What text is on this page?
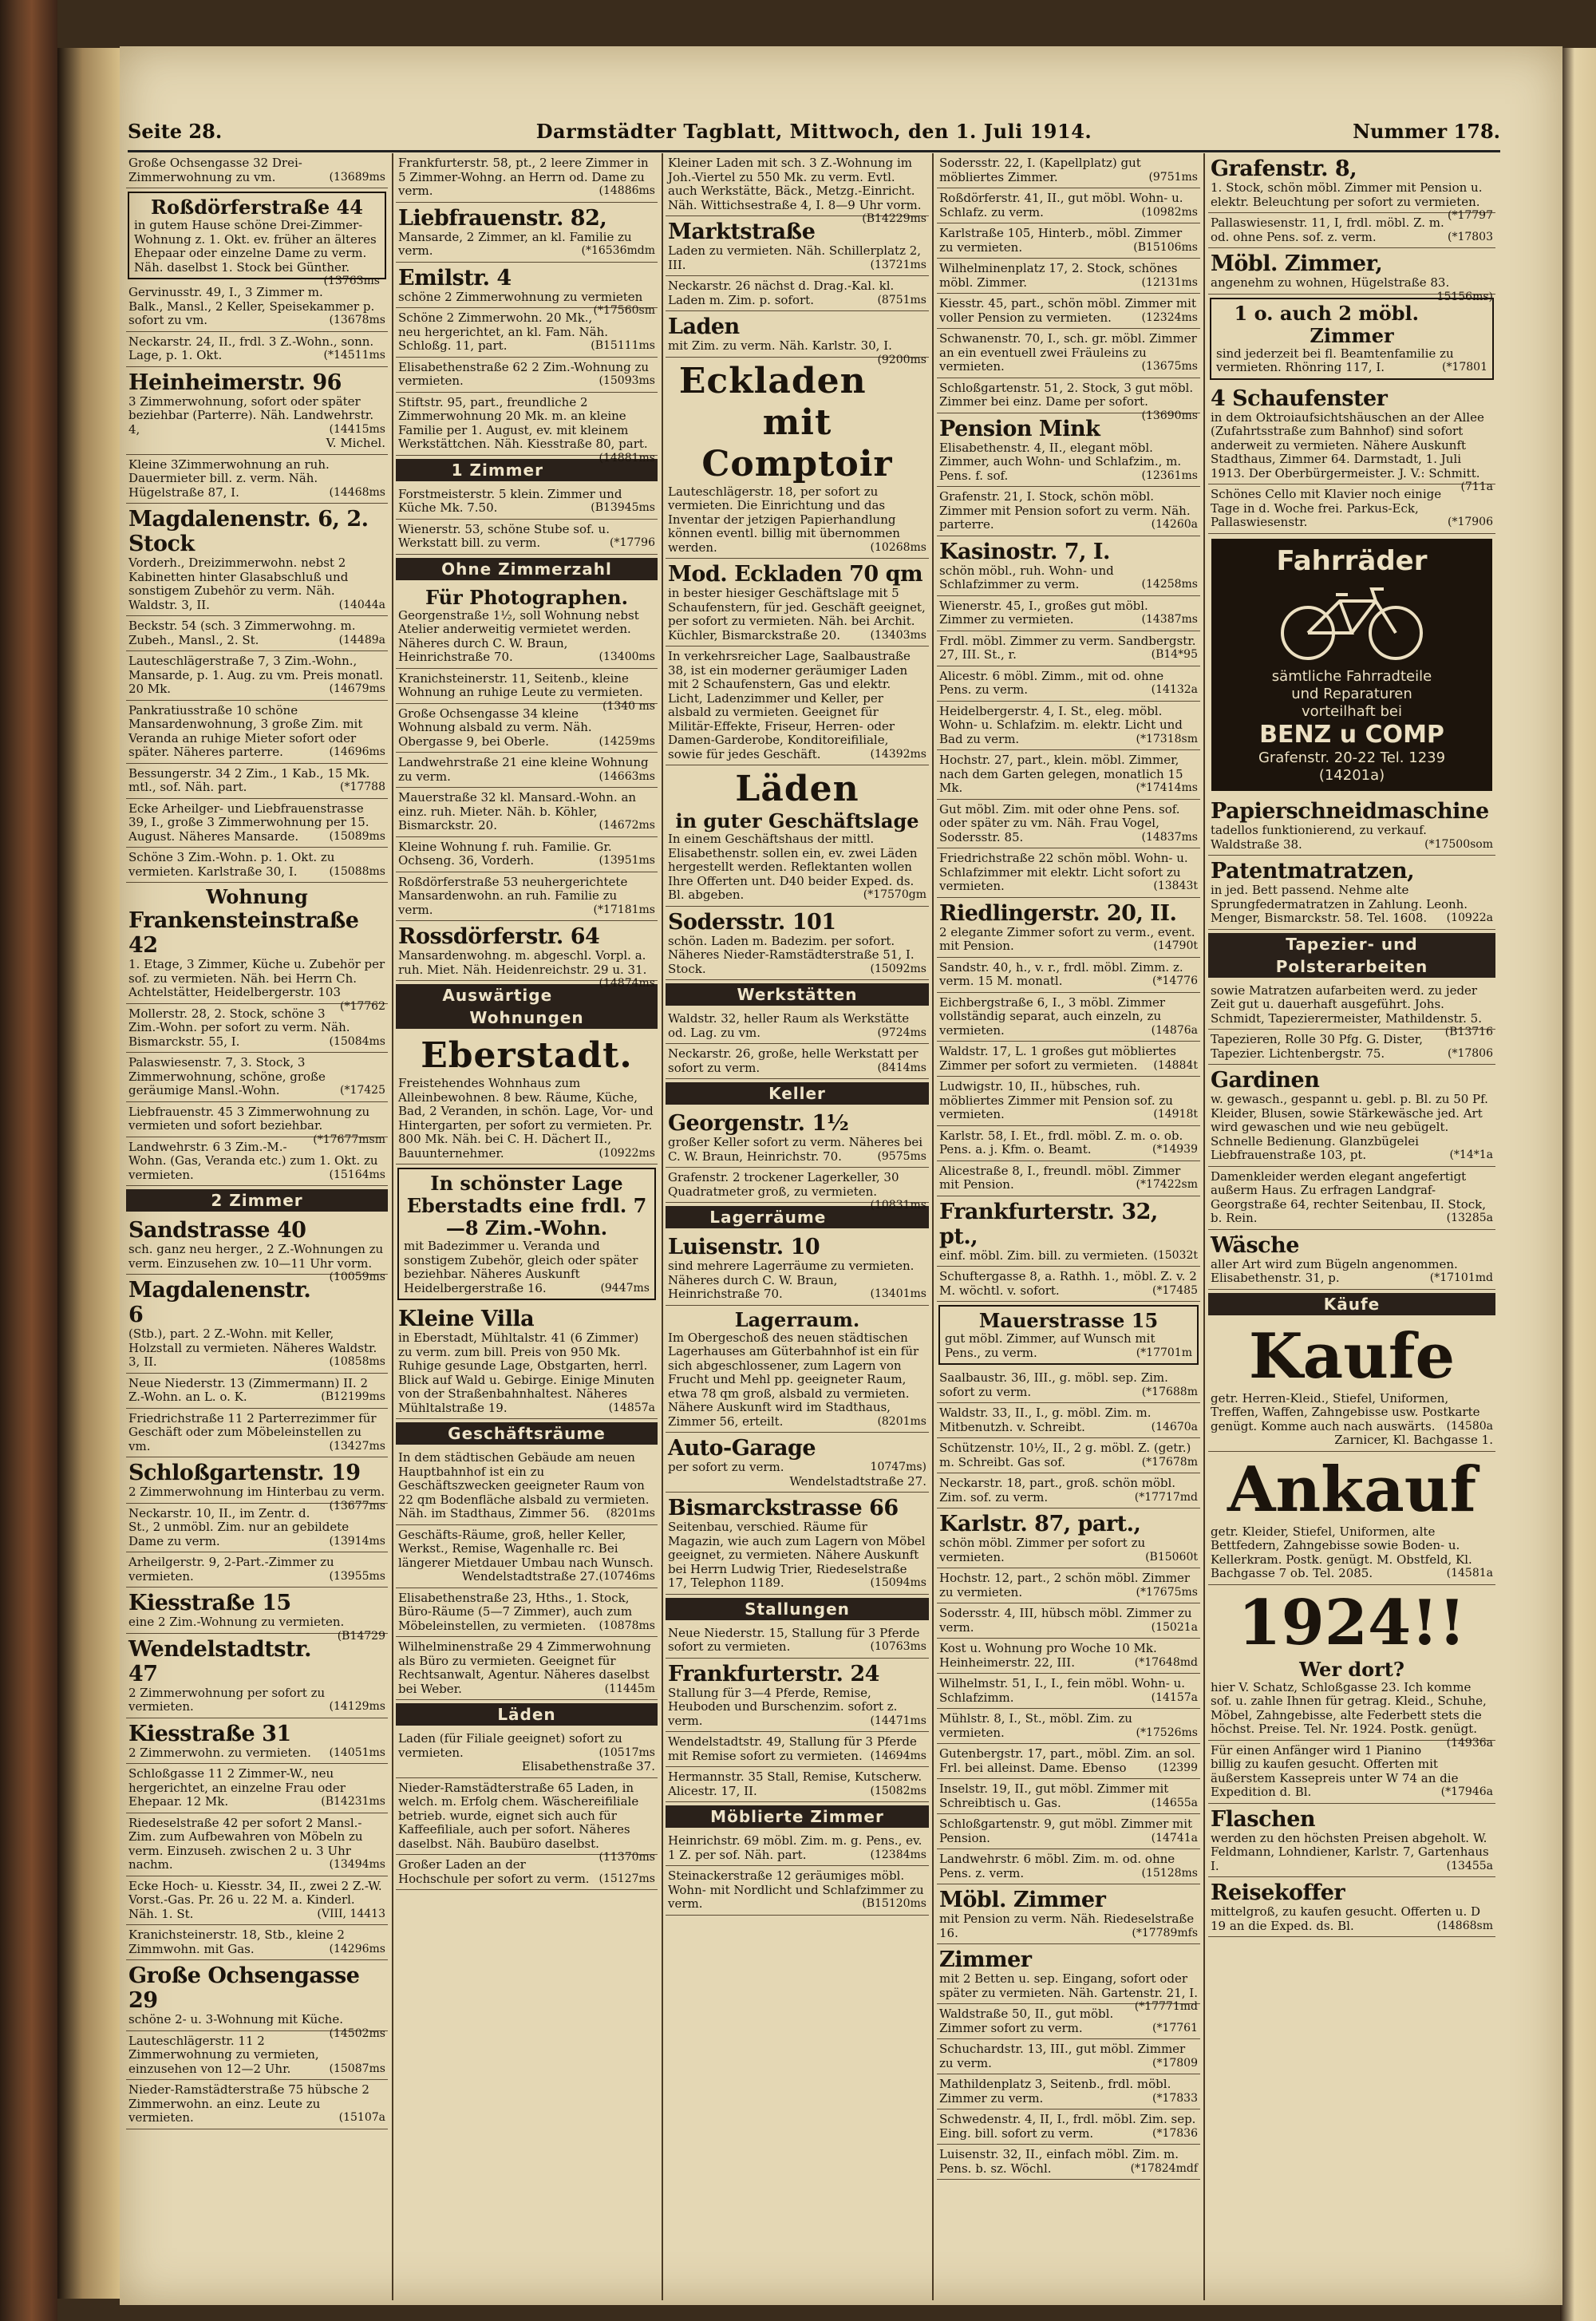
Seite 28.	Darmstädter Tagblatt, Mittwoch, den 1. Juli 1914.	Nummer 178.
Große Ochsengasse 32 Drei-Zimmerwohnung zu vm.	(13689ms
Roßdörferstraße 44
in gutem Hause schöne Drei-Zimmer-Wohnung z. 1. Okt. ev. früher an älteres Ehepaar oder einzelne Dame zu verm. Näh. daselbst 1. Stock bei Günther.
(13763ms
Gervinusstr. 49, I., 3 Zimmer m. Balk., Mansl., 2 Keller, Speisekammer p. sofort zu vm.	(13678ms
Neckarstr. 24, II., frdl. 3 Z.-Wohn., sonn. Lage, p. 1. Okt.	(*14511ms
Heinheimerstr. 96
3 Zimmerwohnung, sofort oder später beziehbar (Parterre). Näh. Landwehrstr. 4,	(14415ms
V. Michel.
Kleine 3Zimmerwohnung an ruh. Dauermieter bill. z. verm. Näh. Hügelstraße 87, I.	(14468ms
Magdalenenstr. 6, 2. Stock
Vorderh., Dreizimmerwohn. nebst 2 Kabinetten hinter Glasabschluß und sonstigem Zubehör zu verm. Näh. Waldstr. 3, II.	(14044a
Beckstr. 54 (sch. 3 Zimmerwohng. m. Zubeh., Mansl., 2. St.	(14489a
Lauteschlägerstraße 7, 3 Zim.-Wohn., Mansarde, p. 1. Aug. zu vm. Preis monatl. 20 Mk.	(14679ms
Pankratiusstraße 10 schöne Mansardenwohnung, 3 große Zim. mit Veranda an ruhige Mieter sofort oder später. Näheres parterre.	(14696ms
Bessungerstr. 34 2 Zim., 1 Kab., 15 Mk. mtl., sof. Näh. part.	(*17788
Ecke Arheilger- und Liebfrauenstrasse 39, I., große 3 Zimmerwohnung per 15. August. Näheres Mansarde.	(15089ms
Schöne 3 Zim.-Wohn. p. 1. Okt. zu vermieten. Karlstraße 30, I.	(15088ms
Wohnung
Frankensteinstraße 42
1. Etage, 3 Zimmer, Küche u. Zubehör per sof. zu vermieten. Näh. bei Herrn Ch. Achtelstätter, Heidelbergerstr. 103
(*17762
Mollerstr. 28, 2. Stock, schöne 3 Zim.-Wohn. per sofort zu verm. Näh. Bismarckstr. 55, I.	(15084ms
Palaswiesenstr. 7, 3. Stock, 3 Zimmerwohnung, schöne, große geräumige Mansl.-Wohn.	(*17425
Liebfrauenstr. 45 3 Zimmerwohnung zu vermieten und sofort beziehbar.
(*17677msm
Landwehrstr. 6 3 Zim.-M.-Wohn. (Gas, Veranda etc.) zum 1. Okt. zu vermieten.	(15164ms
2 Zimmer
Sandstrasse 40
sch. ganz neu herger., 2 Z.-Wohnungen zu verm. Einzusehen zw. 10—11 Uhr vorm.
(10059ms
Magdalenenstr. 6
(Stb.), part. 2 Z.-Wohn. mit Keller, Holzstall zu vermieten. Näheres Waldstr. 3, II.	(10858ms
Neue Niederstr. 13 (Zimmermann) II. 2 Z.-Wohn. an L. o. K.	(B12199ms
Friedrichstraße 11 2 Parterrezimmer für Geschäft oder zum Möbeleinstellen zu vm.	(13427ms
Schloßgartenstr. 19
2 Zimmerwohnung im Hinterbau zu verm.
(13677ms
Neckarstr. 10, II., im Zentr. d. St., 2 unmöbl. Zim. nur an gebildete Dame zu verm.	(13914ms
Arheilgerstr. 9, 2-Part.-Zimmer zu vermieten.	(13955ms
Kiesstraße 15
eine 2 Zim.-Wohnung zu vermieten.
(B14729
Wendelstadtstr. 47
2 Zimmerwohnung per sofort zu vermieten.	(14129ms
Kiesstraße 31
2 Zimmerwohn. zu vermieten. (14051ms
Schloßgasse 11 2 Zimmer-W., neu hergerichtet, an einzelne Frau oder Ehepaar. 12 Mk.	(B14231ms
Riedeselstraße 42 per sofort 2 Mansl.-Zim. zum Aufbewahren von Möbeln zu verm. Einzuseh. zwischen 2 u. 3 Uhr nachm.	(13494ms
Ecke Hoch- u. Kiesstr. 34, II., zwei 2 Z.-W. Vorst.-Gas. Pr. 26 u. 22 M. a. Kinderl. Näh. 1. St.	(VIII, 14413
Kranichsteinerstr. 18, Stb., kleine 2 Zimmwohn. mit Gas.	(14296ms
Große Ochsengasse 29
schöne 2- u. 3-Wohnung mit Küche.
(14502ms
Lauteschlägerstr. 11 2 Zimmerwohnung zu vermieten, einzusehen von 12—2 Uhr.	(15087ms
Nieder-Ramstädterstraße 75 hübsche 2 Zimmerwohn. an einz. Leute zu vermieten.	(15107a
Frankfurterstr. 58, pt., 2 leere Zimmer in 5 Zimmer-Wohng. an Herrn od. Dame zu verm.	(14886ms
Liebfrauenstr. 82,
Mansarde, 2 Zimmer, an kl. Familie zu verm.	(*16536mdm
Emilstr. 4
schöne 2 Zimmerwohnung zu vermieten
(*17560sm
Schöne 2 Zimmerwohn. 20 Mk., neu hergerichtet, an kl. Fam. Näh. Schloßg. 11, part.	(B15111ms
Elisabethenstraße 62 2 Zim.-Wohnung zu vermieten.	(15093ms
Stiftstr. 95, part., freundliche 2 Zimmerwohnung 20 Mk. m. an kleine Familie per 1. August, ev. mit kleinem Werkstättchen. Näh. Kiesstraße 80, part.
(14881ms
1 Zimmer
Forstmeisterstr. 5 klein. Zimmer und Küche Mk. 7.50.	(B13945ms
Wienerstr. 53, schöne Stube sof. u. Werkstatt bill. zu verm.	(*17796
Ohne Zimmerzahl
Für Photographen.
Georgenstraße 1½, soll Wohnung nebst Atelier anderweitig vermietet werden. Näheres durch C. W. Braun, Heinrichstraße 70.	(13400ms
Kranichsteinerstr. 11, Seitenb., kleine Wohnung an ruhige Leute zu vermieten.
(1340 ms
Große Ochsengasse 34 kleine Wohnung alsbald zu verm. Näh. Obergasse 9, bei Oberle.	(14259ms
Landwehrstraße 21 eine kleine Wohnung zu verm.	(14663ms
Mauerstraße 32 kl. Mansard.-Wohn. an einz. ruh. Mieter. Näh. b. Köhler, Bismarckstr. 20.	(14672ms
Kleine Wohnung f. ruh. Familie. Gr. Ochseng. 36, Vorderh.	(13951ms
Roßdörferstraße 53 neuhergerichtete Mansardenwohn. an ruh. Familie zu verm.	(*17181ms
Rossdörferstr. 64
Mansardenwohng. m. abgeschl. Vorpl. a. ruh. Miet. Näh. Heidenreichstr. 29 u. 31.
(14874ms
Auswärtige Wohnungen
Eberstadt.
Freistehendes Wohnhaus zum Alleinbewohnen. 8 bew. Räume, Küche, Bad, 2 Veranden, in schön. Lage, Vor- und Hintergarten, per sofort zu vermieten. Pr. 800 Mk. Näh. bei C. H. Dächert II., Bauunternehmer.	(10922ms
In schönster Lage Eberstadts eine frdl. 7—8 Zim.-Wohn.
mit Badezimmer u. Veranda und sonstigem Zubehör, gleich oder später beziehbar. Näheres Auskunft Heidelbergerstraße 16.	(9447ms
Kleine Villa
in Eberstadt, Mühltalstr. 41 (6 Zimmer) zu verm. zum bill. Preis von 950 Mk. Ruhige gesunde Lage, Obstgarten, herrl. Blick auf Wald u. Gebirge. Einige Minuten von der Straßenbahnhaltest. Näheres Mühltalstraße 19.	(14857a
Geschäftsräume
In dem städtischen Gebäude am neuen Hauptbahnhof ist ein zu Geschäftszwecken geeigneter Raum von 22 qm Bodenfläche alsbald zu vermieten. Näh. im Stadthaus, Zimmer 56. (8201ms
Geschäfts-Räume, groß, heller Keller, Werkst., Remise, Wagenhalle rc. Bei längerer Mietdauer Umbau nach Wunsch.
(10746ms
Wendelstadtstraße 27.
Elisabethenstraße 23, Hths., 1. Stock, Büro-Räume (5—7 Zimmer), auch zum Möbeleinstellen, zu vermieten. (10878ms
Wilhelminenstraße 29 4 Zimmerwohnung als Büro zu vermieten. Geeignet für Rechtsanwalt, Agentur. Näheres daselbst bei Weber.	(11445m
Läden
Laden (für Filiale geeignet) sofort zu vermieten.	(10517ms
Elisabethenstraße 37.
Nieder-Ramstädterstraße 65 Laden, in welch. m. Erfolg chem. Wäschereifiliale betrieb. wurde, eignet sich auch für Kaffeefiliale, auch per sofort. Näheres daselbst. Näh. Baubüro daselbst.
(11370ms
Großer Laden an der Hochschule per sofort zu verm. (15127ms
Kleiner Laden mit sch. 3 Z.-Wohnung im Joh.-Viertel zu 550 Mk. zu verm. Evtl. auch Werkstätte, Bäck., Metzg.-Einricht. Näh. Wittichsestraße 4, I. 8—9 Uhr vorm.
(B14229ms
Marktstraße
Laden zu vermieten. Näh. Schillerplatz 2, III.	(13721ms
Neckarstr. 26 nächst d. Drag.-Kal. kl. Laden m. Zim. p. sofort.	(8751ms
Laden
mit Zim. zu verm. Näh. Karlstr. 30, I.
(9200ms
Eckladen mit Comptoir
Lauteschlägerstr. 18, per sofort zu vermieten. Die Einrichtung und das Inventar der jetzigen Papierhandlung können eventl. billig mit übernommen werden.	(10268ms
Mod. Eckladen 70 qm
in bester hiesiger Geschäftslage mit 5 Schaufenstern, für jed. Geschäft geeignet, per sofort zu vermieten. Näh. bei Archit. Küchler, Bismarckstraße 20.	(13403ms
In verkehrsreicher Lage, Saalbaustraße 38, ist ein moderner geräumiger Laden mit 2 Schaufenstern, Gas und elektr. Licht, Ladenzimmer und Keller, per alsbald zu vermieten. Geeignet für Militär-Effekte, Friseur, Herren- oder Damen-Garderobe, Konditoreifiliale, sowie für jedes Geschäft.	(14392ms
Läden
in guter Geschäftslage
In einem Geschäftshaus der mittl. Elisabethenstr. sollen ein, ev. zwei Läden hergestellt werden. Reflektanten wollen Ihre Offerten unt. D40 beider Exped. ds. Bl. abgeben.	(*17570gm
Sodersstr. 101
schön. Laden m. Badezim. per sofort. Näheres Nieder-Ramstädterstraße 51, I. Stock.	(15092ms
Werkstätten
Waldstr. 32, heller Raum als Werkstätte od. Lag. zu vm.	(9724ms
Neckarstr. 26, große, helle Werkstatt per sofort zu verm.	(8414ms
Keller
Georgenstr. 1½
großer Keller sofort zu verm. Näheres bei C. W. Braun, Heinrichstr. 70.	(9575ms
Grafenstr. 2 trockener Lagerkeller, 30 Quadratmeter groß, zu vermieten.
(10831ms
Lagerräume
Luisenstr. 10
sind mehrere Lagerräume zu vermieten. Näheres durch C. W. Braun, Heinrichstraße 70.	(13401ms
Lagerraum.
Im Obergeschoß des neuen städtischen Lagerhauses am Güterbahnhof ist ein für sich abgeschlossener, zum Lagern von Frucht und Mehl pp. geeigneter Raum, etwa 78 qm groß, alsbald zu vermieten. Nähere Auskunft wird im Stadthaus, Zimmer 56, erteilt.	(8201ms
Auto-Garage
per sofort zu verm.	10747ms)
Wendelstadtstraße 27.
Bismarckstrasse 66
Seitenbau, verschied. Räume für Magazin, wie auch zum Lagern von Möbel geeignet, zu vermieten. Nähere Auskunft bei Herrn Ludwig Trier, Riedeselstraße 17, Telephon 1189.	(15094ms
Stallungen
Neue Niederstr. 15, Stallung für 3 Pferde sofort zu vermieten.	(10763ms
Frankfurterstr. 24
Stallung für 3—4 Pferde, Remise, Heuboden und Burschenzim. sofort z. verm.	(14471ms
Wendelstadtstr. 49, Stallung für 3 Pferde mit Remise sofort zu vermieten. (14694ms
Hermannstr. 35 Stall, Remise, Kutscherw. Alicestr. 17, II.	(15082ms
Möblierte Zimmer
Heinrichstr. 69 möbl. Zim. m. g. Pens., ev. 1 Z. per sof. Näh. part.	(12384ms
Steinackerstraße 12 geräumiges möbl. Wohn- mit Nordlicht und Schlafzimmer zu verm.	(B15120ms
Sodersstr. 22, I. (Kapellplatz) gut möbliertes Zimmer.	(9751ms
Roßdörferstr. 41, II., gut möbl. Wohn- u. Schlafz. zu verm.	(10982ms
Karlstraße 105, Hinterb., möbl. Zimmer zu vermieten.	(B15106ms
Wilhelminenplatz 17, 2. Stock, schönes möbl. Zimmer.	(12131ms
Kiesstr. 45, part., schön möbl. Zimmer mit voller Pension zu vermieten.	(12324ms
Schwanenstr. 70, I., sch. gr. möbl. Zimmer an ein eventuell zwei Fräuleins zu vermieten.	(13675ms
Schloßgartenstr. 51, 2. Stock, 3 gut möbl. Zimmer bei einz. Dame per sofort.
(13690ms
Pension Mink
Elisabethenstr. 4, II., elegant möbl. Zimmer, auch Wohn- und Schlafzim., m. Pens. f. sof.	(12361ms
Grafenstr. 21, I. Stock, schön möbl. Zimmer mit Pension sofort zu verm. Näh. parterre.	(14260a
Kasinostr. 7, I.
schön möbl., ruh. Wohn- und Schlafzimmer zu verm.	(14258ms
Wienerstr. 45, I., großes gut möbl. Zimmer zu vermieten.	(14387ms
Frdl. möbl. Zimmer zu verm. Sandbergstr. 27, III. St., r.	(B14*95
Alicestr. 6 möbl. Zimm., mit od. ohne Pens. zu verm.	(14132a
Heidelbergerstr. 4, I. St., eleg. möbl. Wohn- u. Schlafzim. m. elektr. Licht und Bad zu verm.	(*17318sm
Hochstr. 27, part., klein. möbl. Zimmer, nach dem Garten gelegen, monatlich 15 Mk.	(*17414ms
Gut möbl. Zim. mit oder ohne Pens. sof. oder später zu vm. Näh. Frau Vogel, Sodersstr. 85.	(14837ms
Friedrichstraße 22 schön möbl. Wohn- u. Schlafzimmer mit elektr. Licht sofort zu vermieten.	(13843t
Riedlingerstr. 20, II.
2 elegante Zimmer sofort zu verm., event. mit Pension.	(14790t
Sandstr. 40, h., v. r., frdl. möbl. Zimm. z. verm. 15 M. monatl.	(*14776
Eichbergstraße 6, I., 3 möbl. Zimmer vollständig separat, auch einzeln, zu vermieten.	(14876a
Waldstr. 17, L. 1 großes gut möbliertes Zimmer per sofort zu vermieten. (14884t
Ludwigstr. 10, II., hübsches, ruh. möbliertes Zimmer mit Pension sof. zu vermieten.	(14918t
Karlstr. 58, I. Et., frdl. möbl. Z. m. o. ob. Pens. a. j. Kfm. o. Beamt.	(*14939
Alicestraße 8, I., freundl. möbl. Zimmer mit Pension.	(*17422sm
Frankfurterstr. 32, pt.,
einf. möbl. Zim. bill. zu vermieten. (15032t
Schuftergasse 8, a. Rathh. 1., möbl. Z. v. 2 M. wöchtl. v. sofort.	(*17485
Mauerstrasse 15
gut möbl. Zimmer, auf Wunsch mit Pens., zu verm.	(*17701m
Saalbaustr. 36, III., g. möbl. sep. Zim. sofort zu verm.	(*17688m
Waldstr. 33, II., I., g. möbl. Zim. m. Mitbenutzh. v. Schreibt.	(14670a
Schützenstr. 10½, II., 2 g. möbl. Z. (getr.) m. Schreibt. Gas sof.	(*17678m
Neckarstr. 18, part., groß. schön möbl. Zim. sof. zu verm.	(*17717md
Karlstr. 87, part.,
schön möbl. Zimmer per sofort zu vermieten.	(B15060t
Hochstr. 12, part., 2 schön möbl. Zimmer zu vermieten.	(*17675ms
Sodersstr. 4, III, hübsch möbl. Zimmer zu verm.	(15021a
Kost u. Wohnung pro Woche 10 Mk. Heinheimerstr. 22, III.	(*17648md
Wilhelmstr. 51, I., I., fein möbl. Wohn- u. Schlafzimm.	(14157a
Mühlstr. 8, I., St., möbl. Zim. zu vermieten.	(*17526ms
Gutenbergstr. 17, part., möbl. Zim. an sol. Frl. bei alleinst. Dame. Ebenso	(12399
Inselstr. 19, II., gut möbl. Zimmer mit Schreibtisch u. Gas.	(14655a
Schloßgartenstr. 9, gut möbl. Zimmer mit Pension.	(14741a
Landwehrstr. 6 möbl. Zim. m. od. ohne Pens. z. verm.	(15128ms
Möbl. Zimmer
mit Pension zu verm. Näh. Riedeselstraße 16.	(*17789mfs
Zimmer
mit 2 Betten u. sep. Eingang, sofort oder später zu vermieten. Näh. Gartenstr. 21, I.
(*17771md
Waldstraße 50, II., gut möbl. Zimmer sofort zu verm.	(*17761
Schuchardstr. 13, III., gut möbl. Zimmer zu verm.	(*17809
Mathildenplatz 3, Seitenb., frdl. möbl. Zimmer zu verm.	(*17833
Schwedenstr. 4, II, I., frdl. möbl. Zim. sep. Eing. bill. sofort zu verm.	(*17836
Luisenstr. 32, II., einfach möbl. Zim. m. Pens. b. sz. Wöchl.	(*17824mdf
Grafenstr. 8,
1. Stock, schön möbl. Zimmer mit Pension u. elektr. Beleuchtung per sofort zu vermieten.
(*17797
Pallaswiesenstr. 11, I, frdl. möbl. Z. m. od. ohne Pens. sof. z. verm.	(*17803
Möbl. Zimmer,
angenehm zu wohnen, Hügelstraße 83.
15156ms)
1 o. auch 2 möbl. Zimmer
sind jederzeit bei fl. Beamtenfamilie zu vermieten. Rhönring 117, I.	(*17801
4 Schaufenster
in dem Oktroiaufsichtshäuschen an der Allee (Zufahrtsstraße zum Bahnhof) sind sofort anderweit zu vermieten. Nähere Auskunft Stadthaus, Zimmer 64. Darmstadt, 1. Juli 1913. Der Oberbürgermeister. J. V.: Schmitt.
(711a
Schönes Cello mit Klavier noch einige Tage in d. Woche frei. Parkus-Eck, Pallaswiesenstr.	(*17906
Fahrräder
sämtliche Fahrradteile
und Reparaturen
vorteilhaft bei
BENZ u COMP
Grafenstr. 20-22 Tel. 1239
(14201a)
Papierschneidmaschine
tadellos funktionierend, zu verkauf. Waldstraße 38.	(*17500som
Patentmatratzen,
in jed. Bett passend. Nehme alte Sprungfedermatratzen in Zahlung. Leonh. Menger, Bismarckstr. 58. Tel. 1608. (10922a
Tapezier- und Polsterarbeiten
sowie Matratzen aufarbeiten werd. zu jeder Zeit gut u. dauerhaft ausgeführt. Johs. Schmidt, Tapezierermeister, Mathildenstr. 5.
(B13716
Tapezieren, Rolle 30 Pfg. G. Dister, Tapezier. Lichtenbergstr. 75.	(*17806
Gardinen
w. gewasch., gespannt u. gebl. p. Bl. zu 50 Pf. Kleider, Blusen, sowie Stärkewäsche jed. Art wird gewaschen und wie neu gebügelt. Schnelle Bedienung. Glanzbügelei Liebfrauenstraße 103, pt.	(*14*1a
Damenkleider werden elegant angefertigt außerm Haus. Zu erfragen Landgraf-Georgstraße 64, rechter Seitenbau, II. Stock, b. Rein.	(13285a
Wäsche
aller Art wird zum Bügeln angenommen. Elisabethenstr. 31, p.	(*17101md
Käufe
Kaufe
getr. Herren-Kleid., Stiefel, Uniformen, Treffen, Waffen, Zahngebisse usw. Postkarte genügt. Komme auch nach auswärts. (14580a
Zarnicer, Kl. Bachgasse 1.
Ankauf
getr. Kleider, Stiefel, Uniformen, alte Bettfedern, Zahngebisse sowie Boden- u. Kellerkram. Postk. genügt. M. Obstfeld, Kl. Bachgasse 7 ob. Tel. 2085.	(14581a
1924!!
Wer dort?
hier V. Schatz, Schloßgasse 23. Ich komme sof. u. zahle Ihnen für getrag. Kleid., Schuhe, Möbel, Zahngebisse, alte Federbett stets die höchst. Preise. Tel. Nr. 1924. Postk. genügt.
(14936a
Für einen Anfänger wird 1 Pianino billig zu kaufen gesucht. Offerten mit äußerstem Kassepreis unter W 74 an die Expedition d. Bl.	(*17946a
Flaschen
werden zu den höchsten Preisen abgeholt. W. Feldmann, Lohndiener, Karlstr. 7, Gartenhaus I.	(13455a
Reisekoffer
mittelgroß, zu kaufen gesucht. Offerten u. D 19 an die Exped. ds. Bl.	(14868sm
